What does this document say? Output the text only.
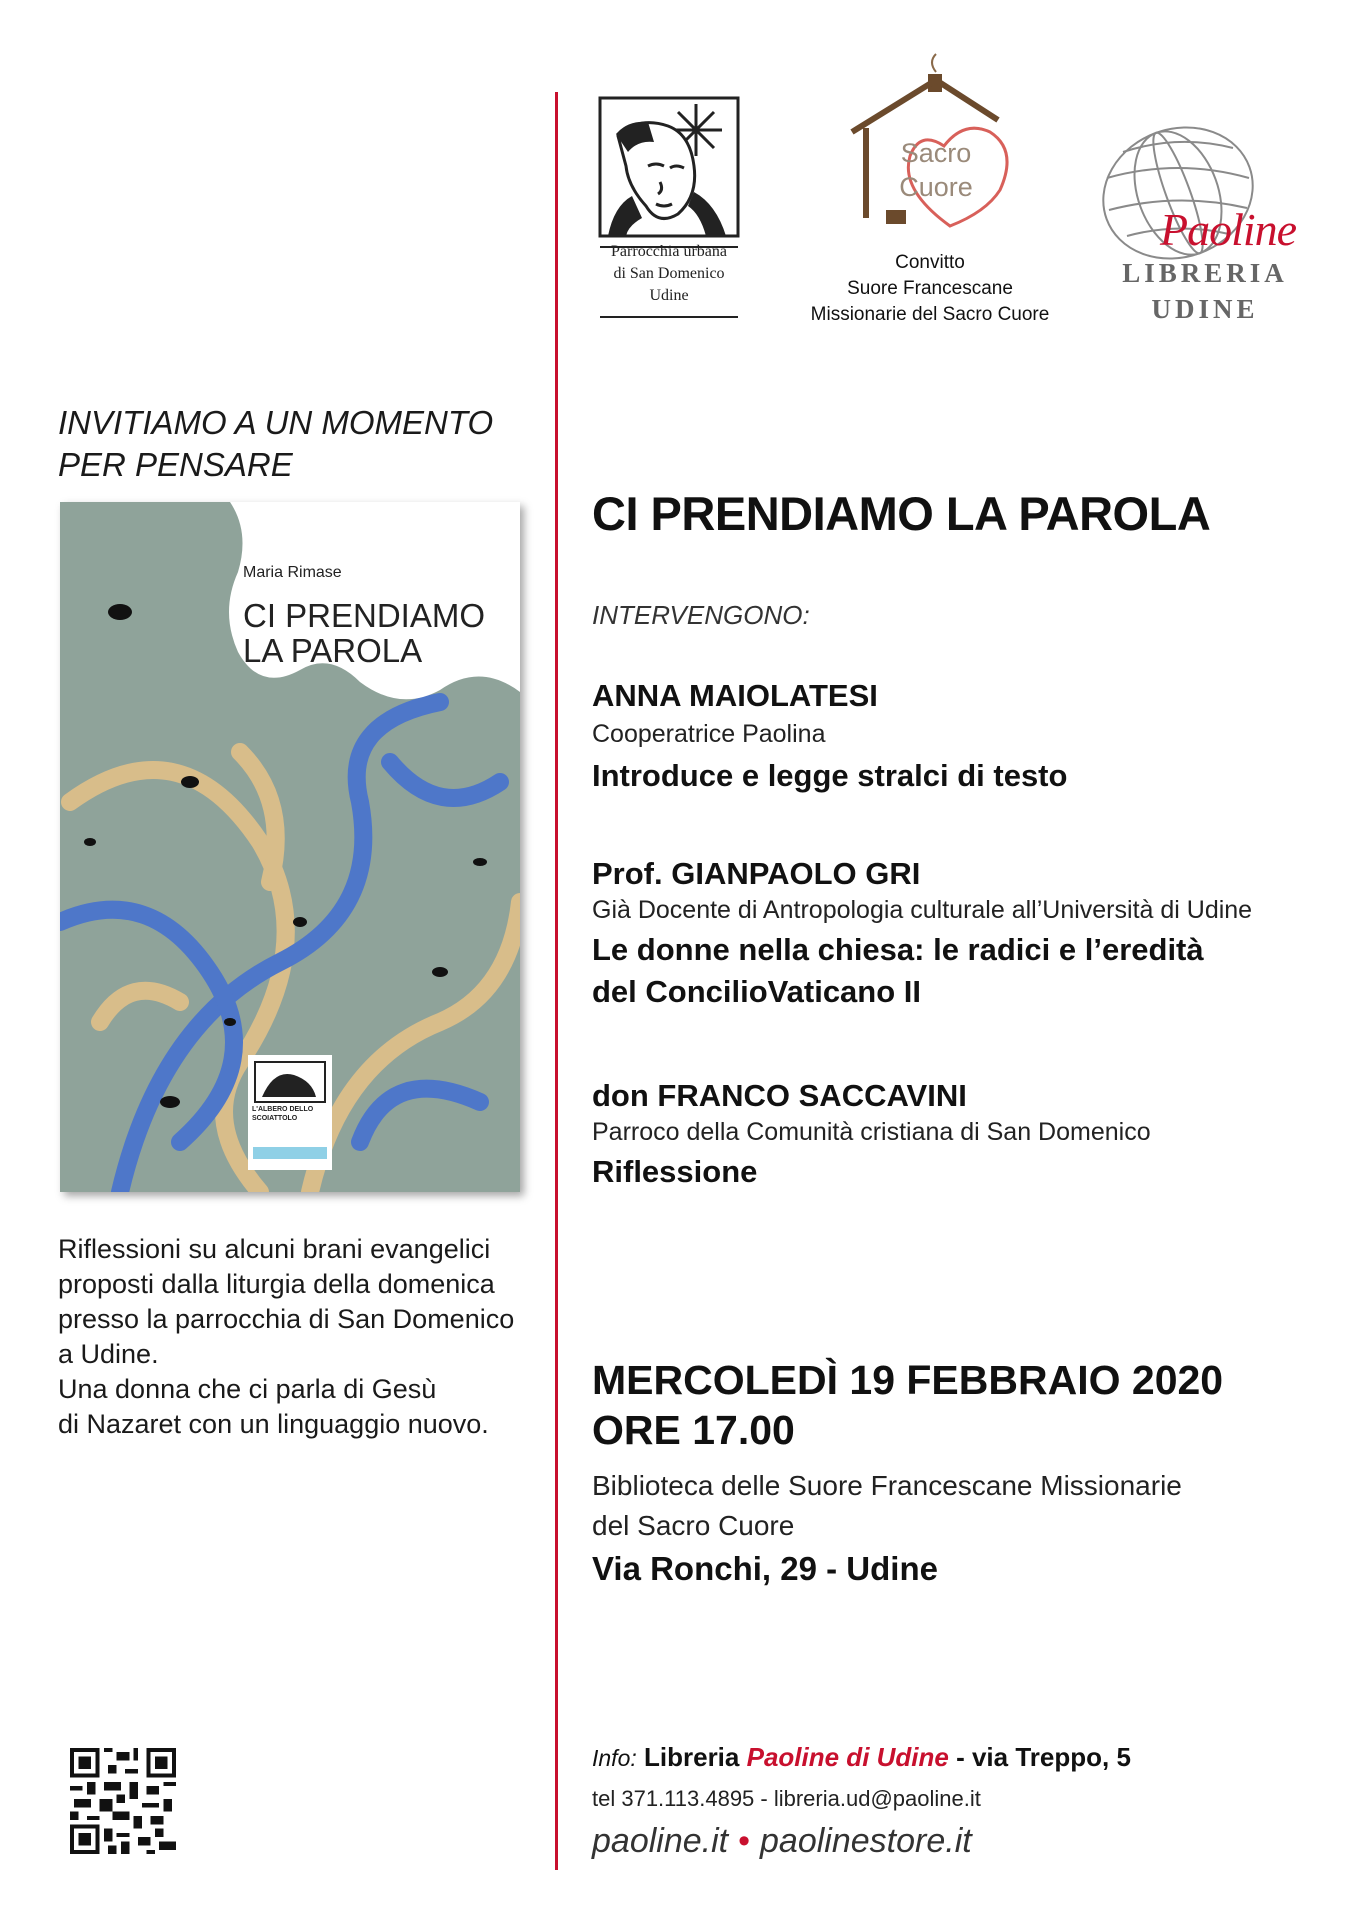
Parrocchia urbana
di San Domenico
Udine
Sacro
Cuore
Convitto
Suore Francescane
Missionarie del Sacro Cuore
Paoline
LIBRERIA
UDINE
INVITIAMO A UN MOMENTO
PER PENSARE
Maria Rimase
CI PRENDIAMO
LA PAROLA
L'ALBERO DELLO
SCOIATTOLO
Riflessioni su alcuni brani evangelici
proposti dalla liturgia della domenica
presso la parrocchia di San Domenico
a Udine.
Una donna che ci parla di Gesù
di Nazaret con un linguaggio nuovo.
CI PRENDIAMO LA PAROLA
INTERVENGONO:
ANNA MAIOLATESI
Cooperatrice Paolina
Introduce e legge stralci di testo
Prof. GIANPAOLO GRI
Già Docente di Antropologia culturale all’Università di Udine
Le donne nella chiesa: le radici e l’eredità
del ConcilioVaticano II
don FRANCO SACCAVINI
Parroco della Comunità cristiana di San Domenico
Riflessione
MERCOLEDÌ 19 FEBBRAIO 2020
ORE 17.00
Biblioteca delle Suore Francescane Missionarie
del Sacro Cuore
Via Ronchi, 29 - Udine
Info: Libreria Paoline di Udine - via Treppo, 5
tel 371.113.4895 - libreria.ud@paoline.it
paoline.it • paolinestore.it
